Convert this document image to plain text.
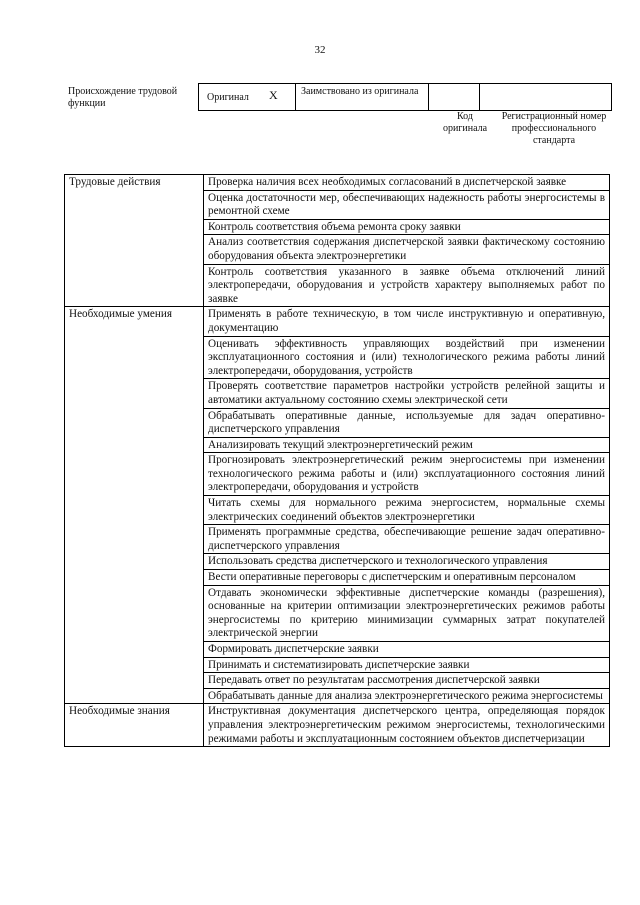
32
Происхождение трудовой функции
Оригинал X Заимствовано из оригинала
Код оригинала
Регистрационный номер профессионального стандарта
Трудовые действия	Проверка наличия всех необходимых согласований в диспетчерской заявке
	Оценка достаточности мер, обеспечивающих надежность работы энергосистемы в ремонтной схеме
	Контроль соответствия объема ремонта сроку заявки
	Анализ соответствия содержания диспетчерской заявки фактическому состоянию оборудования объекта электроэнергетики
	Контроль соответствия указанного в заявке объема отключений линий электропередачи, оборудования и устройств характеру выполняемых работ по заявке
Необходимые умения	Применять в работе техническую, в том числе инструктивную и оперативную, документацию
	Оценивать эффективность управляющих воздействий при изменении эксплуатационного состояния и (или) технологического режима работы линий электропередачи, оборудования, устройств
	Проверять соответствие параметров настройки устройств релейной защиты и автоматики актуальному состоянию схемы электрической сети
	Обрабатывать оперативные данные, используемые для задач оперативно-диспетчерского управления
	Анализировать текущий электроэнергетический режим
	Прогнозировать электроэнергетический режим энергосистемы при изменении технологического режима работы и (или) эксплуатационного состояния линий электропередачи, оборудования и устройств
	Читать схемы для нормального режима энергосистем, нормальные схемы электрических соединений объектов электроэнергетики
	Применять программные средства, обеспечивающие решение задач оперативно-диспетчерского управления
	Использовать средства диспетчерского и технологического управления
	Вести оперативные переговоры с диспетчерским и оперативным персоналом
	Отдавать экономически эффективные диспетчерские команды (разрешения), основанные на критерии оптимизации электроэнергетических режимов работы энергосистемы по критерию минимизации суммарных затрат покупателей электрической энергии
	Формировать диспетчерские заявки
	Принимать и систематизировать диспетчерские заявки
	Передавать ответ по результатам рассмотрения диспетчерской заявки
	Обрабатывать данные для анализа электроэнергетического режима энергосистемы
Необходимые знания	Инструктивная документация диспетчерского центра, определяющая порядок управления электроэнергетическим режимом энергосистемы, технологическими режимами работы и эксплуатационным состоянием объектов диспетчеризации
